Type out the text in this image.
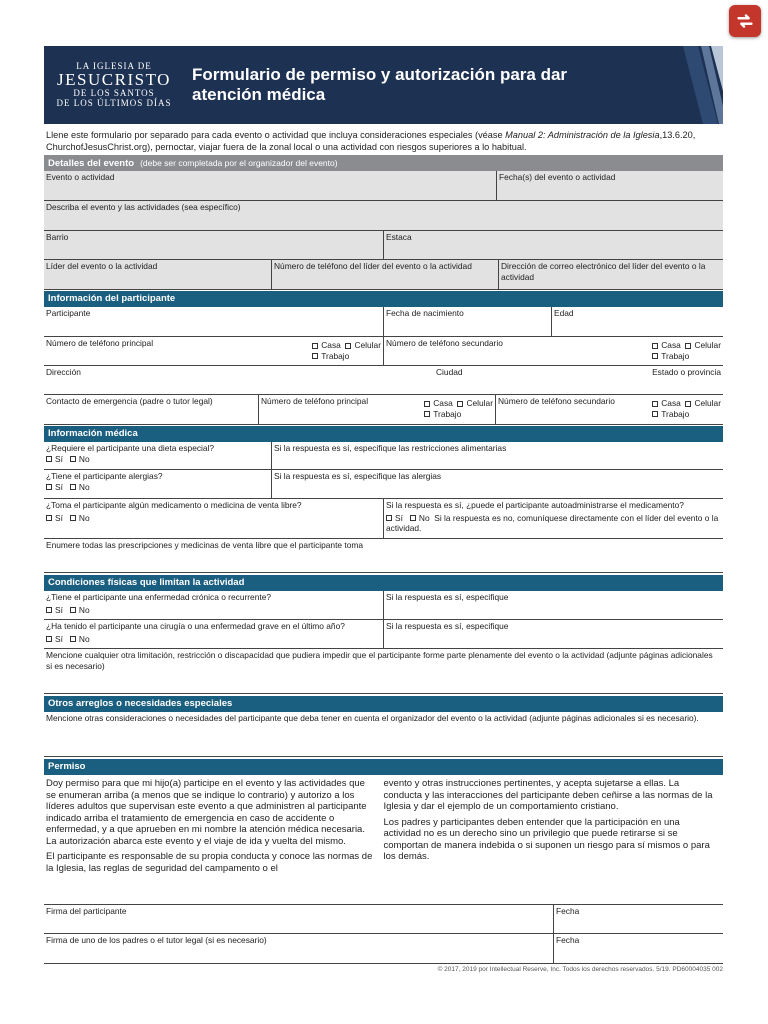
LA IGLESIA DE
JESUCRISTO
DE LOS SANTOS
DE LOS ÚLTIMOS DÍAS
Formulario de permiso y autorización para dar atención médica
Llene este formulario por separado para cada evento o actividad que incluya consideraciones especiales (véase Manual 2: Administración de la Iglesia,13.6.20, ChurchofJesusChrist.org), pernoctar, viajar fuera de la zonal local o una actividad con riesgos superiores a lo habitual.
Detalles del evento (debe ser completada por el organizador del evento)
Evento o actividad	Fecha(s) del evento o actividad
Describa el evento y las actividades (sea específico)
Barrio	Estaca
Líder del evento o la actividad	Número de teléfono del líder del evento o la actividad	Dirección de correo electrónico del líder del evento o la actividad
Información del participante
Participante	Fecha de nacimiento	Edad
Número de teléfono principal	Casa Celular
Trabajo
Número de teléfono secundario	Casa Celular
Trabajo
Dirección	Ciudad	Estado o provincia
Contacto de emergencia (padre o tutor legal)	Número de teléfono principal	Casa Celular
Trabajo
Número de teléfono secundario	Casa Celular
Trabajo
Información médica
¿Requiere el participante una dieta especial?
Sí No
Si la respuesta es sí, especifique las restricciones alimentarias
¿Tiene el participante alergias?
Sí No
Si la respuesta es sí, especifique las alergias
¿Toma el participante algún medicamento o medicina de venta libre?
Sí No
Si la respuesta es sí, ¿puede el participante autoadministrarse el medicamento?
Sí No Si la respuesta es no, comuníquese directamente con el líder del evento o la actividad.
Enumere todas las prescripciones y medicinas de venta libre que el participante toma
Condiciones físicas que limitan la actividad
¿Tiene el participante una enfermedad crónica o recurrente?
Sí No
Si la respuesta es sí, especifique
¿Ha tenido el participante una cirugía o una enfermedad grave en el último año?
Sí No
Si la respuesta es sí, especifique
Mencione cualquier otra limitación, restricción o discapacidad que pudiera impedir que el participante forme parte plenamente del evento o la actividad (adjunte páginas adicionales si es necesario)
Otros arreglos o necesidades especiales
Mencione otras consideraciones o necesidades del participante que deba tener en cuenta el organizador del evento o la actividad (adjunte páginas adicionales si es necesario).
Permiso

Doy permiso para que mi hijo(a) participe en el evento y las actividades que se enumeran arriba (a menos que se indique lo contrario) y autorizo a los líderes adultos que supervisan este evento a que administren al participante indicado arriba el tratamiento de emergencia en caso de accidente o enfermedad, y a que aprueben en mi nombre la atención médica necesaria. La autorización abarca este evento y el viaje de ida y vuelta del mismo.

El participante es responsable de su propia conducta y conoce las normas de la Iglesia, las reglas de seguridad del campamento o el

evento y otras instrucciones pertinentes, y acepta sujetarse a ellas. La conducta y las interacciones del participante deben ceñirse a las normas de la Iglesia y dar el ejemplo de un comportamiento cristiano.

Los padres y participantes deben entender que la participación en una actividad no es un derecho sino un privilegio que puede retirarse si se comportan de manera indebida o si suponen un riesgo para sí mismos o para los demás.

Firma del participante	Fecha
Firma de uno de los padres o el tutor legal (si es necesario)	Fecha
© 2017, 2019 por Intellectual Reserve, Inc. Todos los derechos reservados. 5/19. PD60004035 002
